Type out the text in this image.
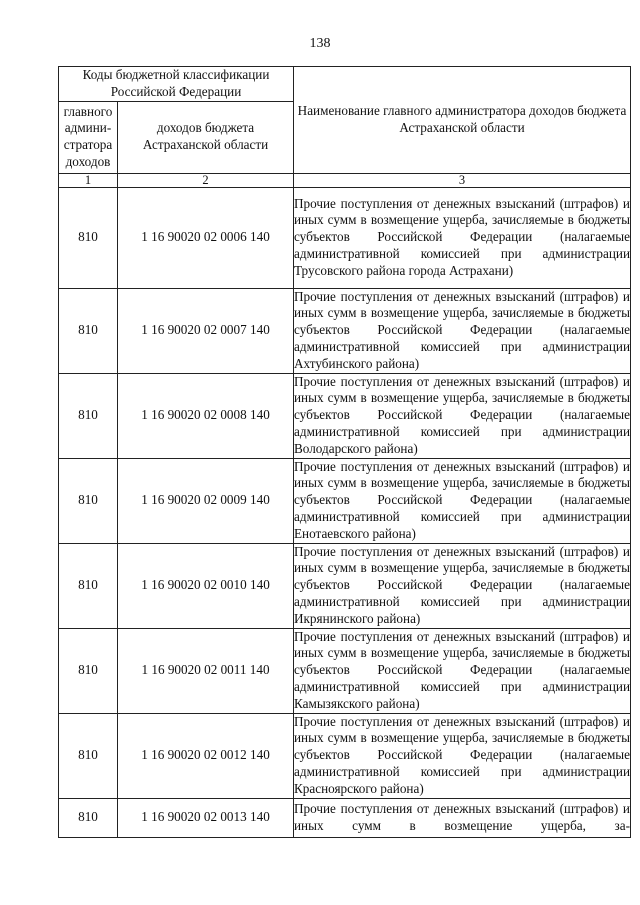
138
Коды бюджетной классификации Российской Федерации		Наименование главного администратора доходов бюджета Астраханской области
главного админи-стратора доходов	доходов бюджета Астраханской области	
1	2	3
810	1 16 90020 02 0006 140	Прочие поступления от денежных взысканий (штрафов) и иных сумм в возмещение ущерба, зачисляемые в бюджеты субъектов Российской Федерации (налагаемые административной комиссией при администрации Трусовского района города Астрахани)
810	1 16 90020 02 0007 140	Прочие поступления от денежных взысканий (штрафов) и иных сумм в возмещение ущерба, зачисляемые в бюджеты субъектов Российской Федерации (налагаемые административной комиссией при администрации Ахтубинского района)
810	1 16 90020 02 0008 140	Прочие поступления от денежных взысканий (штрафов) и иных сумм в возмещение ущерба, зачисляемые в бюджеты субъектов Российской Федерации (налагаемые административной комиссией при администрации Володарского района)
810	1 16 90020 02 0009 140	Прочие поступления от денежных взысканий (штрафов) и иных сумм в возмещение ущерба, зачисляемые в бюджеты субъектов Российской Федерации (налагаемые административной комиссией при администрации Енотаевского района)
810	1 16 90020 02 0010 140	Прочие поступления от денежных взысканий (штрафов) и иных сумм в возмещение ущерба, зачисляемые в бюджеты субъектов Российской Федерации (налагаемые административной комиссией при администрации Икрянинского района)
810	1 16 90020 02 0011 140	Прочие поступления от денежных взысканий (штрафов) и иных сумм в возмещение ущерба, зачисляемые в бюджеты субъектов Российской Федерации (налагаемые административной комиссией при администрации Камызякского района)
810	1 16 90020 02 0012 140	Прочие поступления от денежных взысканий (штрафов) и иных сумм в возмещение ущерба, зачисляемые в бюджеты субъектов Российской Федерации (налагаемые административной комиссией при администрации Красноярского района)
810	1 16 90020 02 0013 140	Прочие поступления от денежных взысканий (штрафов) и иных сумм в возмещение ущерба, за-
